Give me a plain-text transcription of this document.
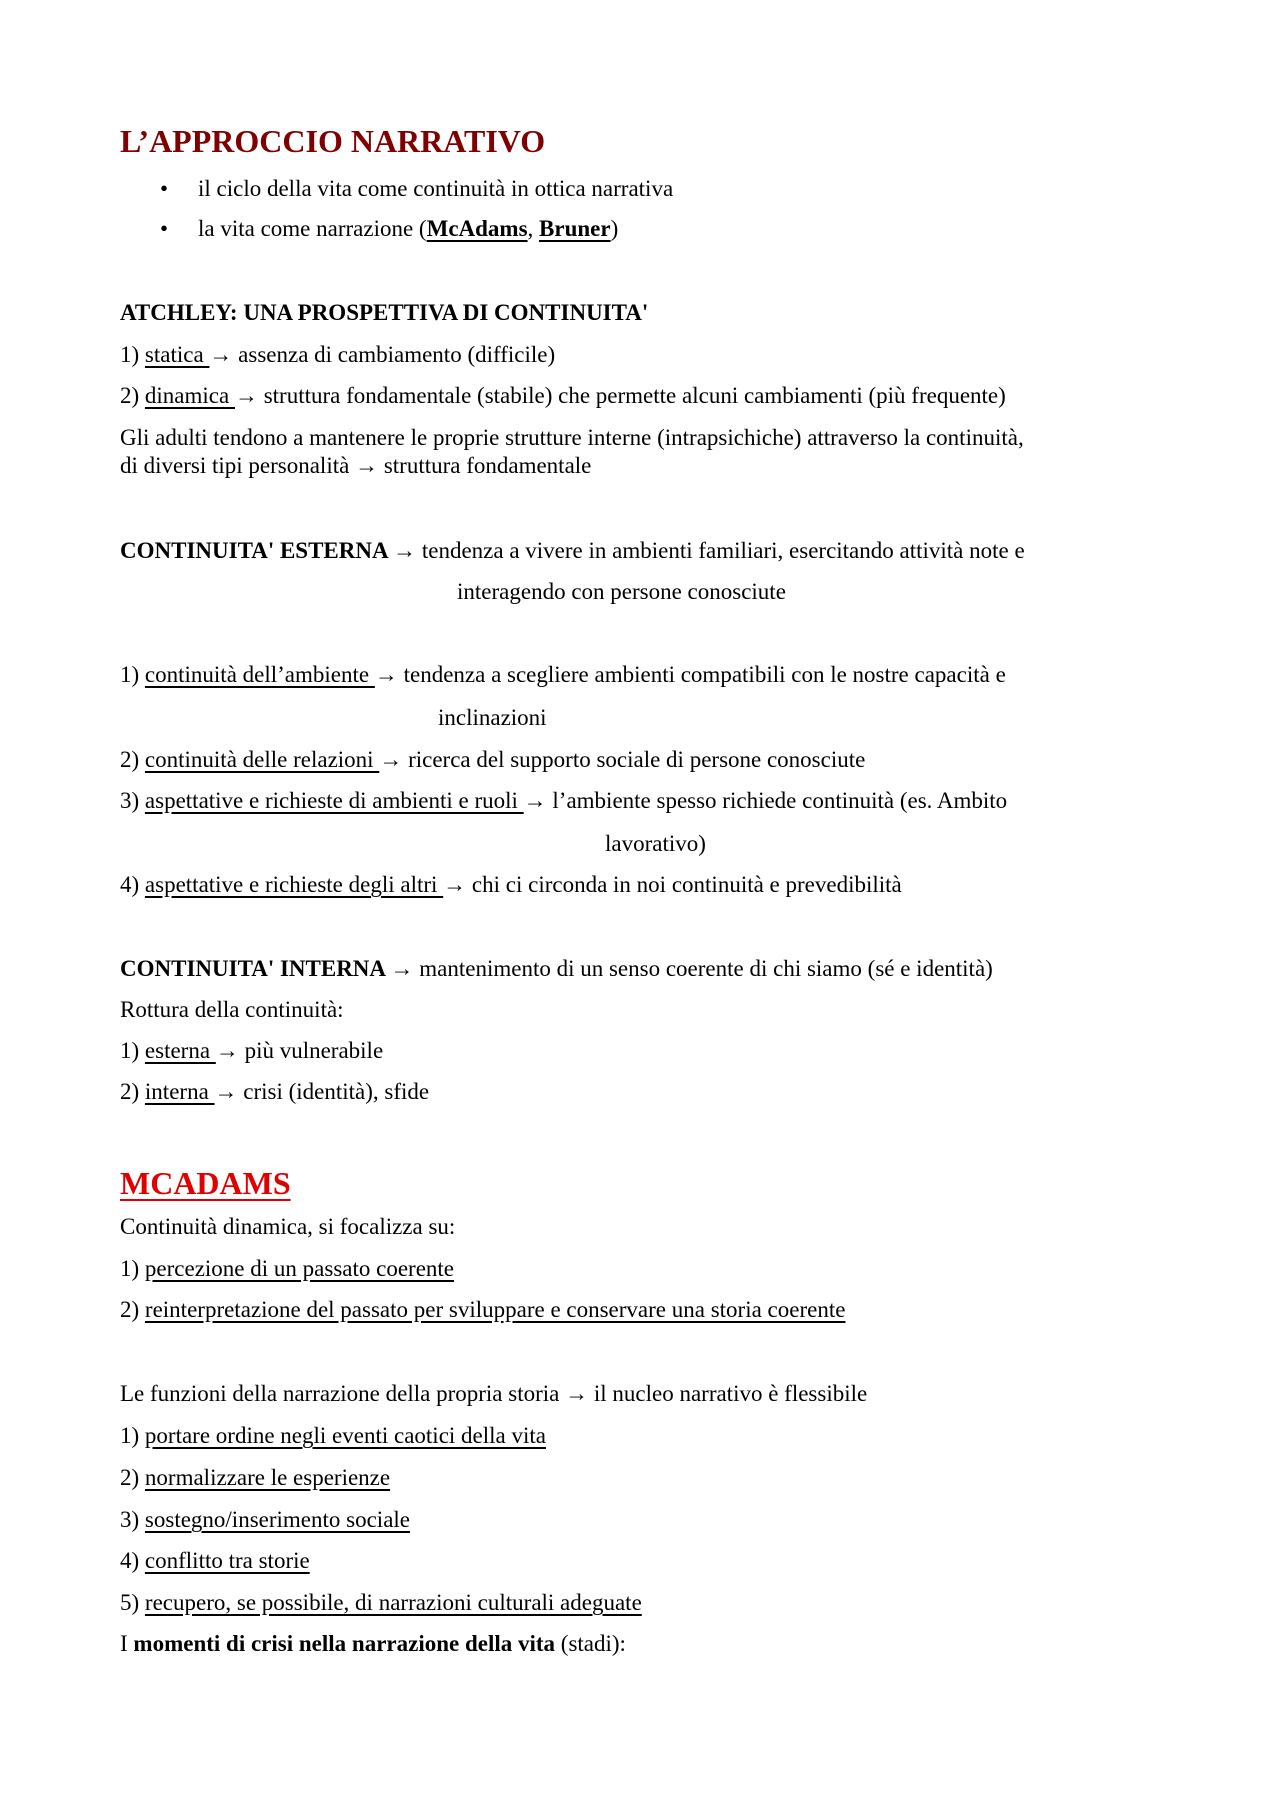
L’APPROCCIO NARRATIVO
• il ciclo della vita come continuità in ottica narrativa
• la vita come narrazione (McAdams, Bruner)
ATCHLEY: UNA PROSPETTIVA DI CONTINUITA'
1) statica → assenza di cambiamento (difficile)
2) dinamica → struttura fondamentale (stabile) che permette alcuni cambiamenti (più frequente)
Gli adulti tendono a mantenere le proprie strutture interne (intrapsichiche) attraverso la continuità,
di diversi tipi personalità → struttura fondamentale
CONTINUITA' ESTERNA → tendenza a vivere in ambienti familiari, esercitando attività note e
interagendo con persone conosciute
1) continuità dell’ambiente → tendenza a scegliere ambienti compatibili con le nostre capacità e
inclinazioni
2) continuità delle relazioni → ricerca del supporto sociale di persone conosciute
3) aspettative e richieste di ambienti e ruoli → l’ambiente spesso richiede continuità (es. Ambito
lavorativo)
4) aspettative e richieste degli altri → chi ci circonda in noi continuità e prevedibilità
CONTINUITA' INTERNA → mantenimento di un senso coerente di chi siamo (sé e identità)
Rottura della continuità:
1) esterna → più vulnerabile
2) interna → crisi (identità), sfide
MCADAMS
Continuità dinamica, si focalizza su:
1) percezione di un passato coerente
2) reinterpretazione del passato per sviluppare e conservare una storia coerente
Le funzioni della narrazione della propria storia → il nucleo narrativo è flessibile
1) portare ordine negli eventi caotici della vita
2) normalizzare le esperienze
3) sostegno/inserimento sociale
4) conflitto tra storie
5) recupero, se possibile, di narrazioni culturali adeguate
I momenti di crisi nella narrazione della vita (stadi):
